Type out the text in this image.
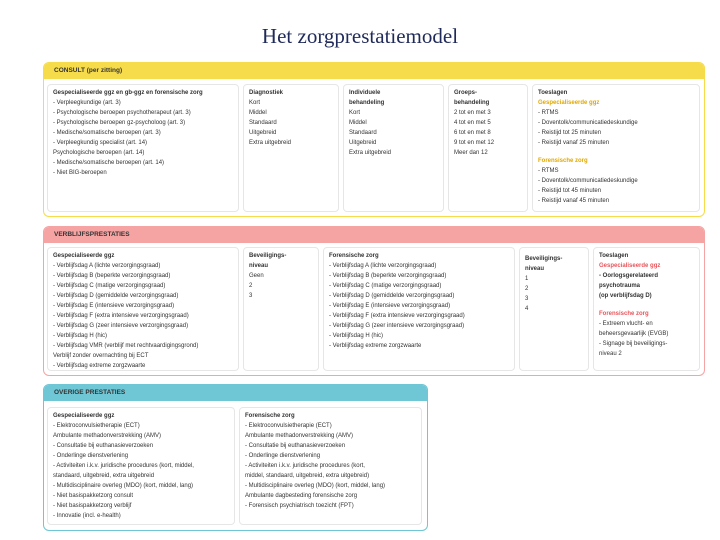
Het zorgprestatiemodel
CONSULT (per zitting)
Gespecialiseerde ggz en gb-ggz en forensische zorg
- Verpleegkundige (art. 3)
- Psychologische beroepen psychotherapeut (art. 3)
- Psychologische beroepen gz-psycholoog (art. 3)
- Medische/somatische beroepen (art. 3)
- Verpleegkundig specialist (art. 14)
Psychologische beroepen (art. 14)
- Medische/somatische beroepen (art. 14)
- Niet BIG-beroepen
Diagnostiek
Kort
Middel
Standaard
Uitgebreid
Extra uitgebreid
Individuele
behandeling
Kort
Middel
Standaard
Uitgebreid
Extra uitgebreid
Groeps-
behandeling
2 tot en met 3
4 tot en met 5
6 tot en met 8
9 tot en met 12
Meer dan 12
Toeslagen
Gespecialiseerde ggz
- RTMS
- Doventolk/communicatiedeskundige
- Reistijd tot 25 minuten
- Reistijd vanaf 25 minuten
Forensische zorg
- RTMS
- Doventolk/communicatiedeskundige
- Reistijd tot 45 minuten
- Reistijd vanaf 45 minuten
VERBLIJFSPRESTATIES
Gespecialiseerde ggz
- Verblijfsdag A (lichte verzorgingsgraad)
- Verblijfsdag B (beperkte verzorgingsgraad)
- Verblijfsdag C (matige verzorgingsgraad)
- Verblijfsdag D (gemiddelde verzorgingsgraad)
- Verblijfsdag E (intensieve verzorgingsgraad)
- Verblijfsdag F (extra intensieve verzorgingsgraad)
- Verblijfsdag G (zeer intensieve verzorgingsgraad)
- Verblijfsdag H (hic)
- Verblijfsdag VMR (verblijf met rechtvaardigingsgrond)
Verblijf zonder overnachting bij ECT
- Verblijfsdag extreme zorgzwaarte
Beveiligings-
niveau
Geen
2
3
Forensische zorg
- Verblijfsdag A (lichte verzorgingsgraad)
- Verblijfsdag B (beperkte verzorgingsgraad)
- Verblijfsdag C (matige verzorgingsgraad)
- Verblijfsdag D (gemiddelde verzorgingsgraad)
- Verblijfsdag E (intensieve verzorgingsgraad)
- Verblijfsdag F (extra intensieve verzorgingsgraad)
- Verblijfsdag G (zeer intensieve verzorgingsgraad)
- Verblijfsdag H (hic)
- Verblijfsdag extreme zorgzwaarte
Beveiligings-
niveau
1
2
3
4
Toeslagen
Gespecialiseerde ggz
- Oorlogsgerelateerd
psychotrauma
(op verblijfsdag D)
Forensische zorg
- Extreem vlucht- en
beheersgevaarlijk (EVGB)
- Signage bij beveiligings-
niveau 2
OVERIGE PRESTATIES
Gespecialiseerde ggz
- Elektroconvulsietherapie (ECT)
Ambulante methadonverstrekking (AMV)
- Consultatie bij euthanasieverzoeken
- Onderlinge dienstverlening
- Activiteiten i.k.v. juridische procedures (kort, middel,
standaard, uitgebreid, extra uitgebreid
- Multidisciplinaire overleg (MDO) (kort, middel, lang)
- Niet basispakketzorg consult
- Niet basispakketzorg verblijf
- Innovatie (incl. e-health)
Forensische zorg
- Elektroconvulsietherapie (ECT)
Ambulante methadonverstrekking (AMV)
- Consultatie bij euthanasieverzoeken
- Onderlinge dienstverlening
- Activiteiten i.k.v. juridische procedures (kort,
middel, standaard, uitgebreid, extra uitgebreid)
- Multidisciplinaire overleg (MDO) (kort, middel, lang)
Ambulante dagbesteding forensische zorg
- Forensisch psychiatrisch toezicht (FPT)
